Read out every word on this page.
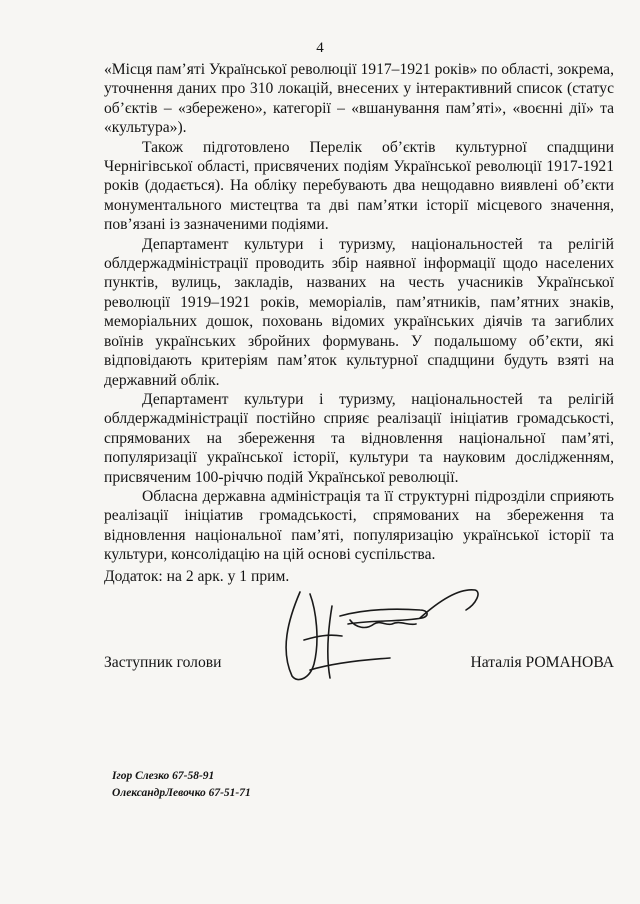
4

«Місця пам’яті Української революції 1917–1921 років» по області, зокрема, уточнення даних про 310 локацій, внесених у інтерактивний список (статус об’єктів – «збережено», категорії – «вшанування пам’яті», «воєнні дії» та «культура»).

Також підготовлено Перелік об’єктів культурної спадщини Чернігівської області, присвячених подіям Української революції 1917-1921 років (додається). На обліку перебувають два нещодавно виявлені об’єкти монументального мистецтва та дві пам’ятки історії місцевого значення, пов’язані із зазначеними подіями.

Департамент культури і туризму, національностей та релігій облдержадміністрації проводить збір наявної інформації щодо населених пунктів, вулиць, закладів, названих на честь учасників Української революції 1919–1921 років, меморіалів, пам’ятників, пам’ятних знаків, меморіальних дошок, поховань відомих українських діячів та загиблих воїнів українських збройних формувань. У подальшому об’єкти, які відповідають критеріям пам’яток культурної спадщини будуть взяті на державний облік.

Департамент культури і туризму, національностей та релігій облдержадміністрації постійно сприяє реалізації ініціатив громадськості, спрямованих на збереження та відновлення національної пам’яті, популяризації української історії, культури та науковим дослідженням, присвяченим 100-річчю подій Української революції.

Обласна державна адміністрація та її структурні підрозділи сприяють реалізації ініціатив громадськості, спрямованих на збереження та відновлення національної пам’яті, популяризацію української історії та культури, консолідацію на цій основі суспільства.

Додаток: на 2 арк. у 1 прим.

Заступник голови	Наталія РОМАНОВА
Ігор Слезко 67-58-91
ОлександрЛевочко 67-51-71
